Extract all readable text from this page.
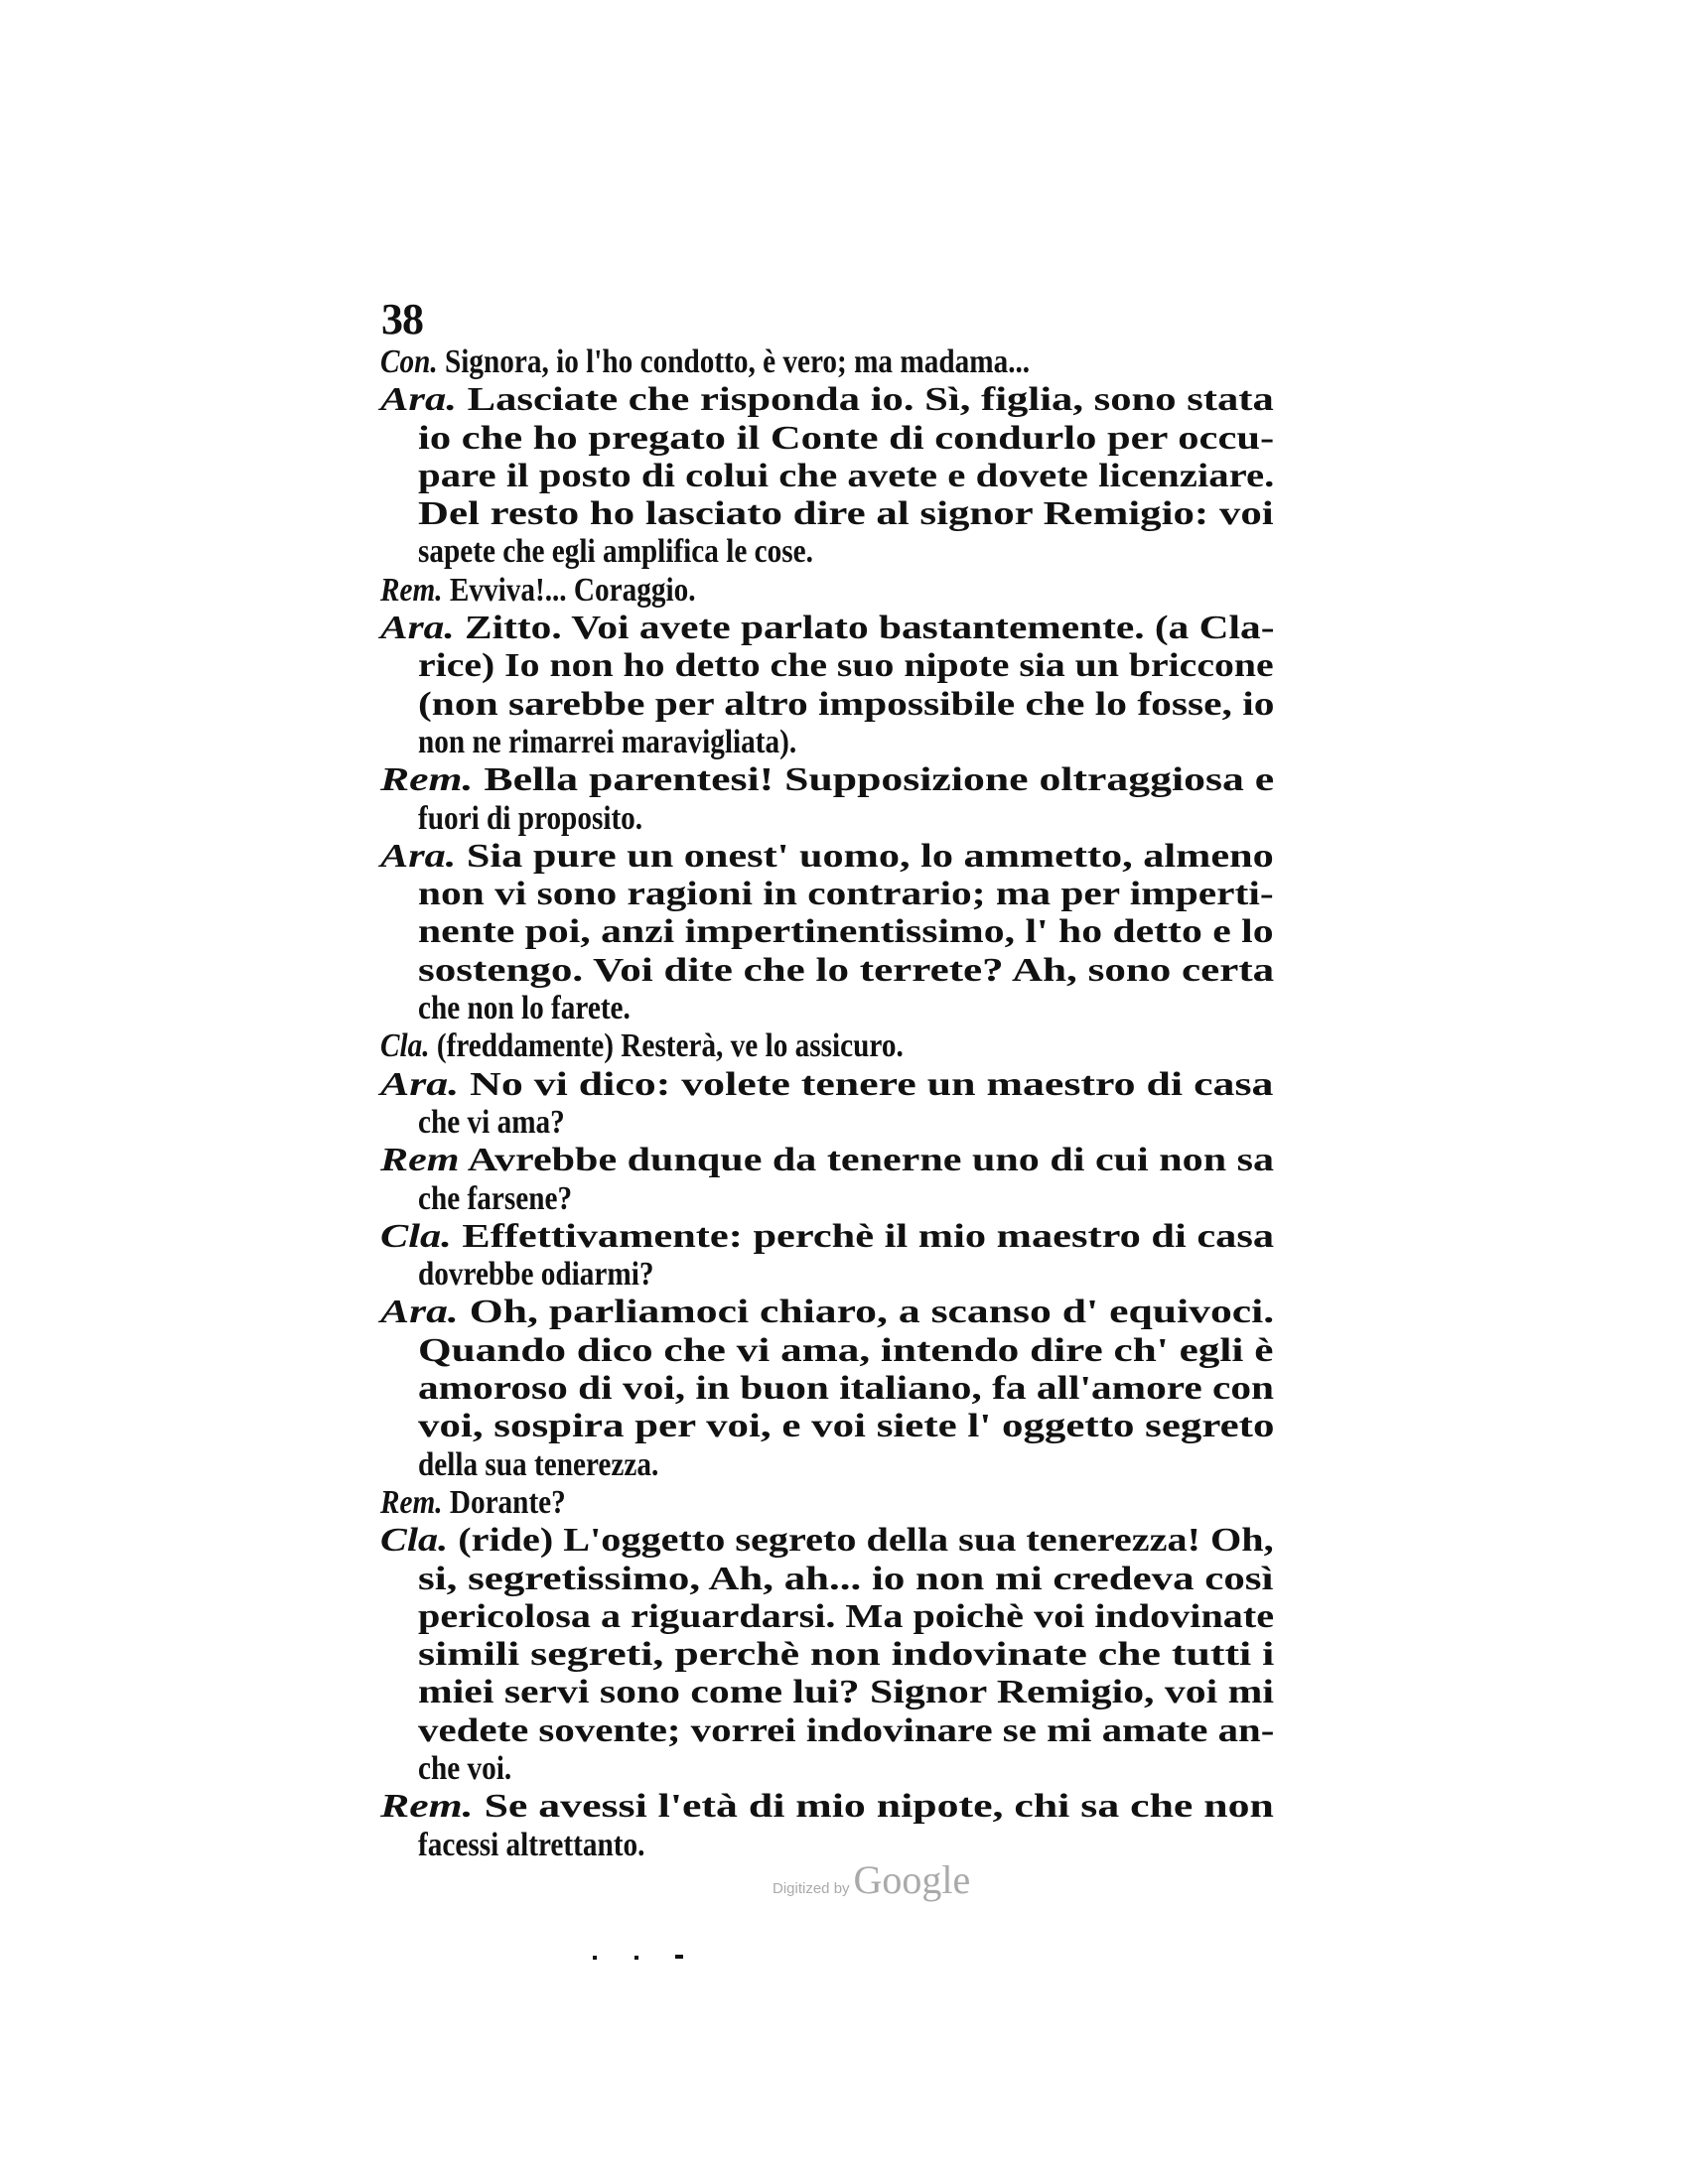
38
Con. Signora, io l'ho condotto, è vero; ma madama...
Ara. Lasciate che risponda io. Sì, figlia, sono stata
io che ho pregato il Conte di condurlo per occu-
pare il posto di colui che avete e dovete licenziare.
Del resto ho lasciato dire al signor Remigio: voi
sapete che egli amplifica le cose.
Rem. Evviva!... Coraggio.
Ara. Zitto. Voi avete parlato bastantemente. (a Cla-
rice) Io non ho detto che suo nipote sia un briccone
(non sarebbe per altro impossibile che lo fosse, io
non ne rimarrei maravigliata).
Rem. Bella parentesi! Supposizione oltraggiosa e
fuori di proposito.
Ara. Sia pure un onest' uomo, lo ammetto, almeno
non vi sono ragioni in contrario; ma per imperti-
nente poi, anzi impertinentissimo, l' ho detto e lo
sostengo. Voi dite che lo terrete? Ah, sono certa
che non lo farete.
Cla. (freddamente) Resterà, ve lo assicuro.
Ara. No vi dico: volete tenere un maestro di casa
che vi ama?
Rem Avrebbe dunque da tenerne uno di cui non sa
che farsene?
Cla. Effettivamente: perchè il mio maestro di casa
dovrebbe odiarmi?
Ara. Oh, parliamoci chiaro, a scanso d' equivoci.
Quando dico che vi ama, intendo dire ch' egli è
amoroso di voi, in buon italiano, fa all'amore con
voi, sospira per voi, e voi siete l' oggetto segreto
della sua tenerezza.
Rem. Dorante?
Cla. (ride) L'oggetto segreto della sua tenerezza! Oh,
si, segretissimo, Ah, ah... io non mi credeva così
pericolosa a riguardarsi. Ma poichè voi indovinate
simili segreti, perchè non indovinate che tutti i
miei servi sono come lui? Signor Remigio, voi mi
vedete sovente; vorrei indovinare se mi amate an-
che voi.
Rem. Se avessi l'età di mio nipote, chi sa che non
facessi altrettanto.
Digitized by Google
